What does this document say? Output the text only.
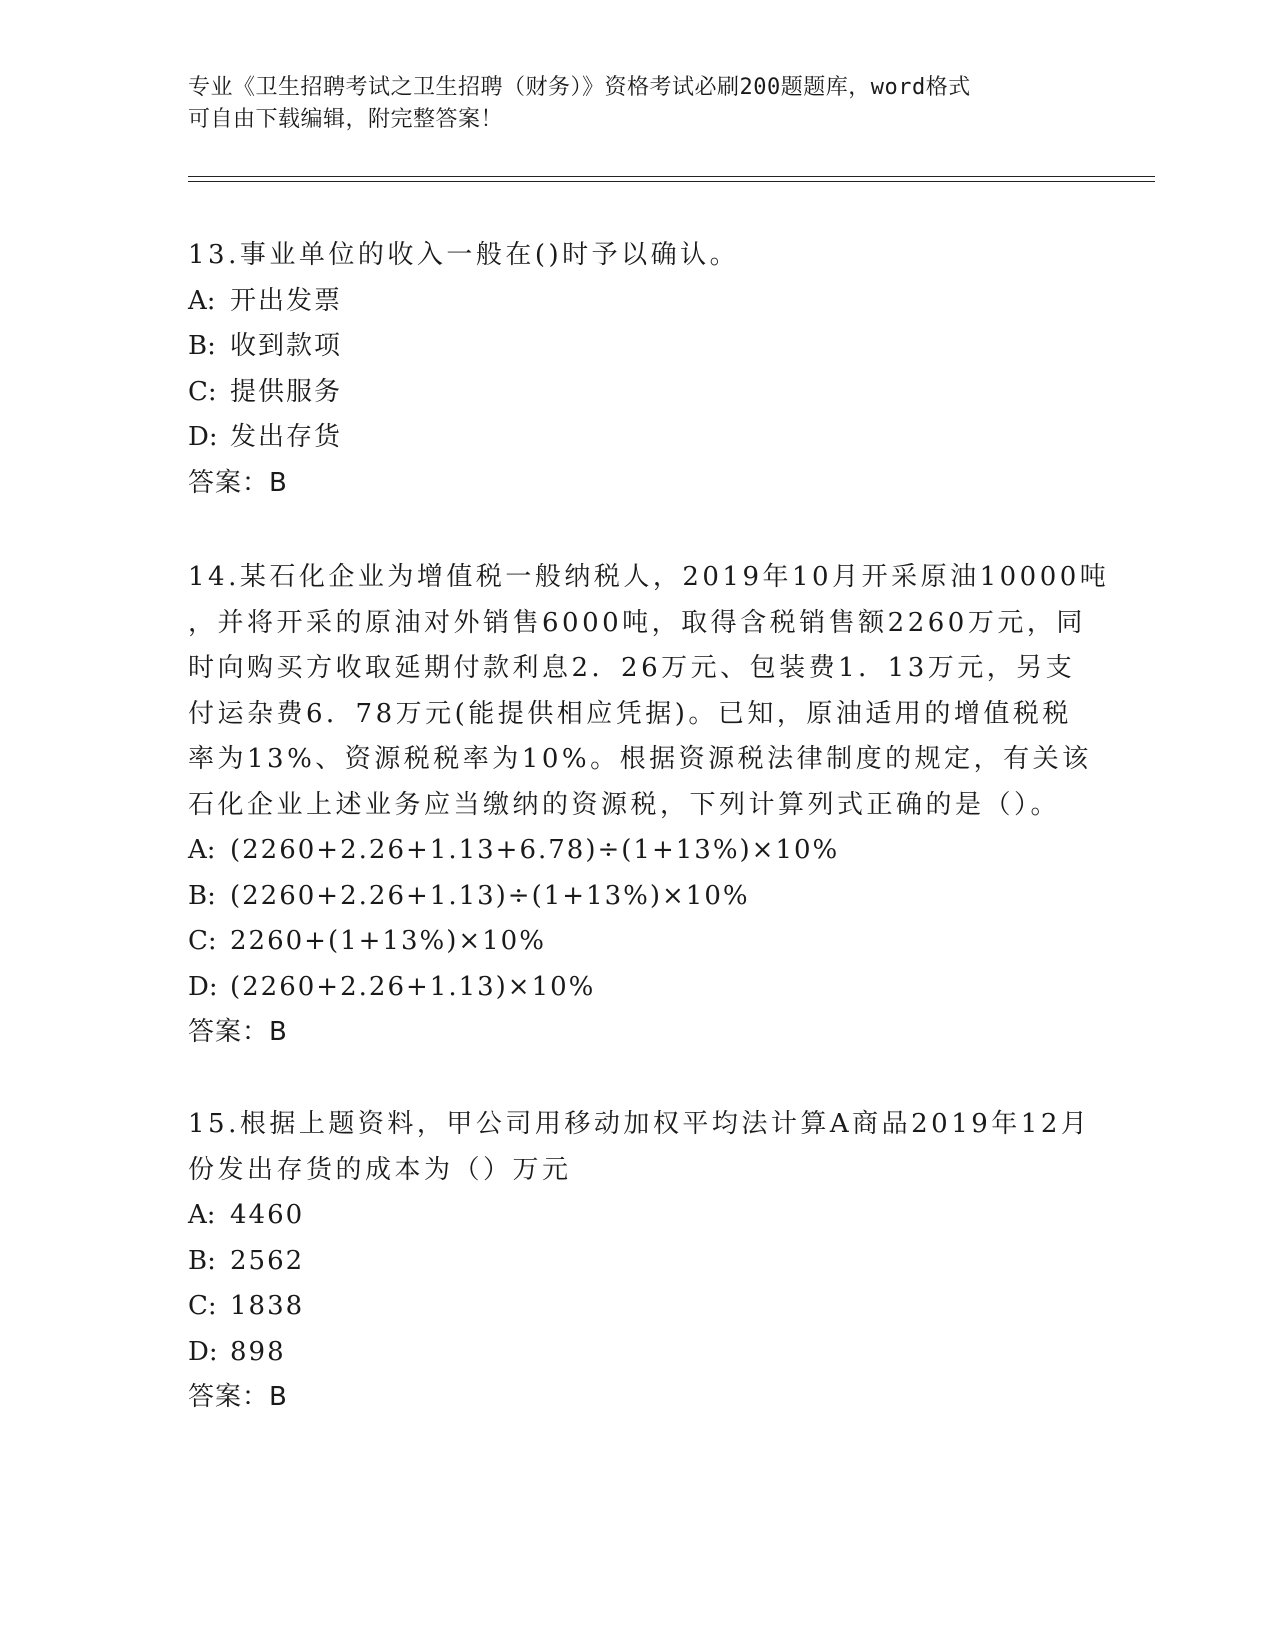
专业《卫生招聘考试之卫生招聘（财务）》资格考试必刷200题题库，word格式
可自由下载编辑，附完整答案！
13.事业单位的收入一般在()时予以确认。
A: 开出发票
B: 收到款项
C: 提供服务
D: 发出存货
答案：B
14.某石化企业为增值税一般纳税人，2019年10月开采原油10000吨
，并将开采的原油对外销售6000吨，取得含税销售额2260万元，同
时向购买方收取延期付款利息2．26万元、包装费1．13万元，另支
付运杂费6．78万元(能提供相应凭据)。已知，原油适用的增值税税
率为13%、资源税税率为10%。根据资源税法律制度的规定，有关该
石化企业上述业务应当缴纳的资源税，下列计算列式正确的是（）。
A: (2260+2.26+1.13+6.78)÷(1+13%)×10%
B: (2260+2.26+1.13)÷(1+13%)×10%
C: 2260+(1+13%)×10%
D: (2260+2.26+1.13)×10%
答案：B
15.根据上题资料，甲公司用移动加权平均法计算A商品2019年12月
份发出存货的成本为（）万元
A: 4460
B: 2562
C: 1838
D: 898
答案：B
